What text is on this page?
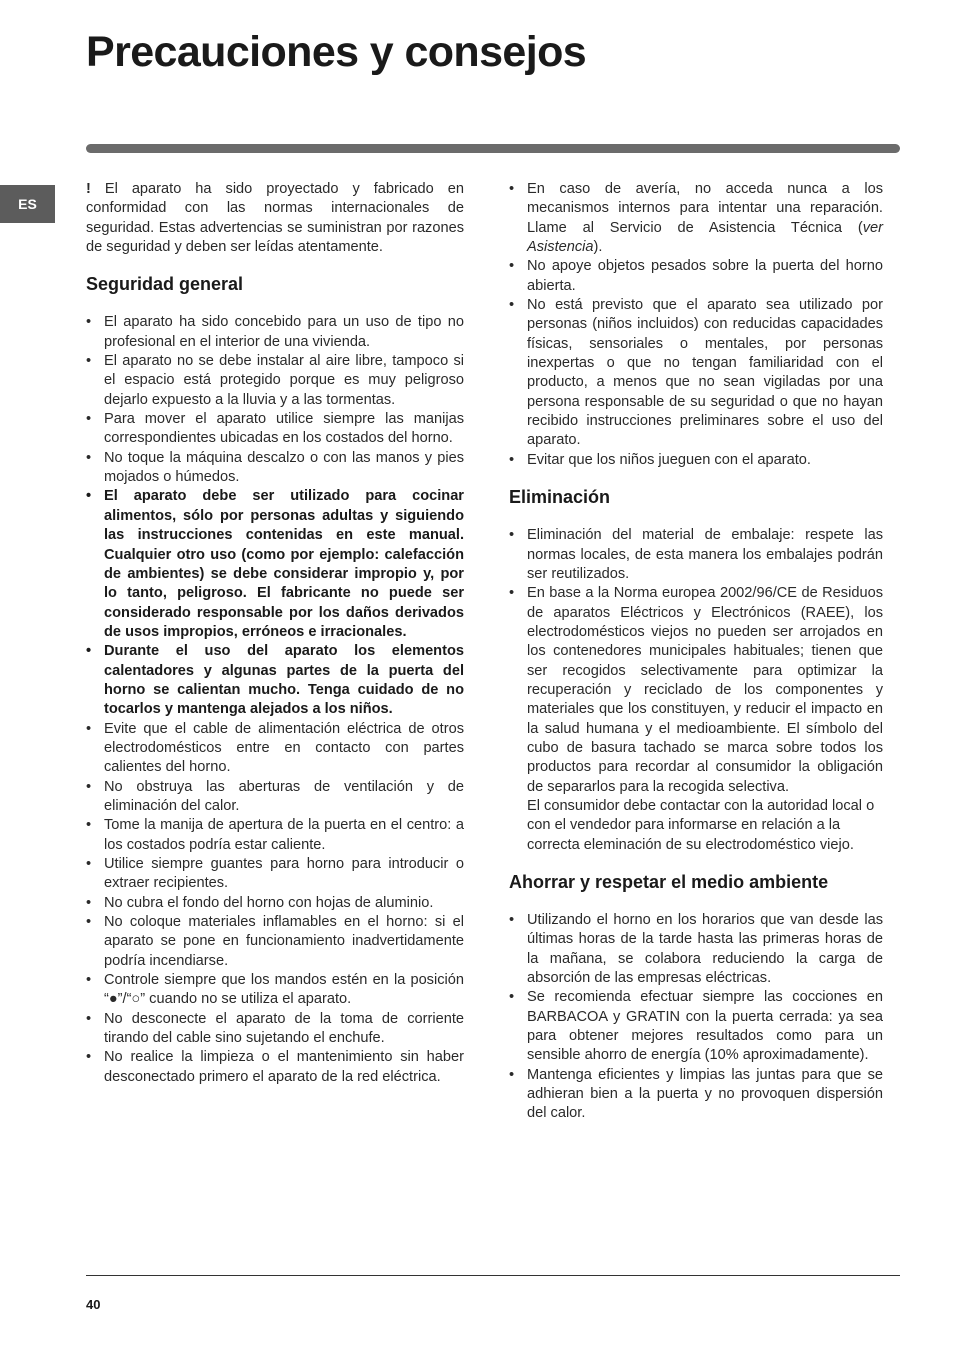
Precauciones y consejos
ES

! El aparato ha sido proyectado y fabricado en conformidad con las normas internacionales de seguridad. Estas advertencias se suministran por razones de seguridad y deben ser leídas atentamente.

Seguridad general
• El aparato ha sido concebido para un uso de tipo no profesional en el interior de una vivienda.
• El aparato no se debe instalar al aire libre, tampoco si el espacio está protegido porque es muy peligroso dejarlo expuesto a la lluvia y a las tormentas.
• Para mover el aparato utilice siempre las manijas correspondientes ubicadas en los costados del horno.
• No toque la máquina descalzo o con las manos y pies mojados o húmedos.
• El aparato debe ser utilizado para cocinar alimentos, sólo por personas adultas y siguiendo las instrucciones contenidas en este manual. Cualquier otro uso (como por ejemplo: calefacción de ambientes) se debe considerar impropio y, por lo tanto, peligroso. El fabricante no puede ser considerado responsable por los daños derivados de usos impropios, erróneos e irracionales.
• Durante el uso del aparato los elementos calentadores y algunas partes de la puerta del horno se calientan mucho. Tenga cuidado de no tocarlos y mantenga alejados a los niños.
• Evite que el cable de alimentación eléctrica de otros electrodomésticos entre en contacto con partes calientes del horno.
• No obstruya las aberturas de ventilación y de eliminación del calor.
• Tome la manija de apertura de la puerta en el centro: a los costados podría estar caliente.
• Utilice siempre guantes para horno para introducir o extraer recipientes.
• No cubra el fondo del horno con hojas de aluminio.
• No coloque materiales inflamables en el horno: si el aparato se pone en funcionamiento inadvertidamente podría incendiarse.
• Controle siempre que los mandos estén en la posición “●”/“○” cuando no se utiliza el aparato.
• No desconecte el aparato de la toma de corriente tirando del cable sino sujetando el enchufe.
• No realice la limpieza o el mantenimiento sin haber desconectado primero el aparato de la red eléctrica.
• En caso de avería, no acceda nunca a los mecanismos internos para intentar una reparación. Llame al Servicio de Asistencia Técnica (ver Asistencia).
• No apoye objetos pesados sobre la puerta del horno abierta.
• No está previsto que el aparato sea utilizado por personas (niños incluidos) con reducidas capacidades físicas, sensoriales o mentales, por personas inexpertas o que no tengan familiaridad con el producto, a menos que no sean vigiladas por una persona responsable de su seguridad o que no hayan recibido instrucciones preliminares sobre el uso del aparato.
• Evitar que los niños jueguen con el aparato.
Eliminación
• Eliminación del material de embalaje: respete las normas locales, de esta manera los embalajes podrán ser reutilizados.
• En base a la Norma europea 2002/96/CE de Residuos de aparatos Eléctricos y Electrónicos (RAEE), los electrodomésticos viejos no pueden ser arrojados en los contenedores municipales habituales; tienen que ser recogidos selectivamente para optimizar la recuperación y reciclado de los componentes y materiales que los constituyen, y reducir el impacto en la salud humana y el medioambiente. El símbolo del cubo de basura tachado se marca sobre todos los productos para recordar al consumidor la obligación de separarlos para la recogida selectiva.
El consumidor debe contactar con la autoridad local o con el vendedor para informarse en relación a la correcta eleminación de su electrodoméstico viejo.
Ahorrar y respetar el medio ambiente
• Utilizando el horno en los horarios que van desde las últimas horas de la tarde hasta las primeras horas de la mañana, se colabora reduciendo la carga de absorción de las empresas eléctricas.
• Se recomienda efectuar siempre las cocciones en BARBACOA y GRATIN con la puerta cerrada: ya sea para obtener mejores resultados como para un sensible ahorro de energía (10% aproximadamente).
• Mantenga eficientes y limpias las juntas para que se adhieran bien a la puerta y no provoquen dispersión del calor.
40
